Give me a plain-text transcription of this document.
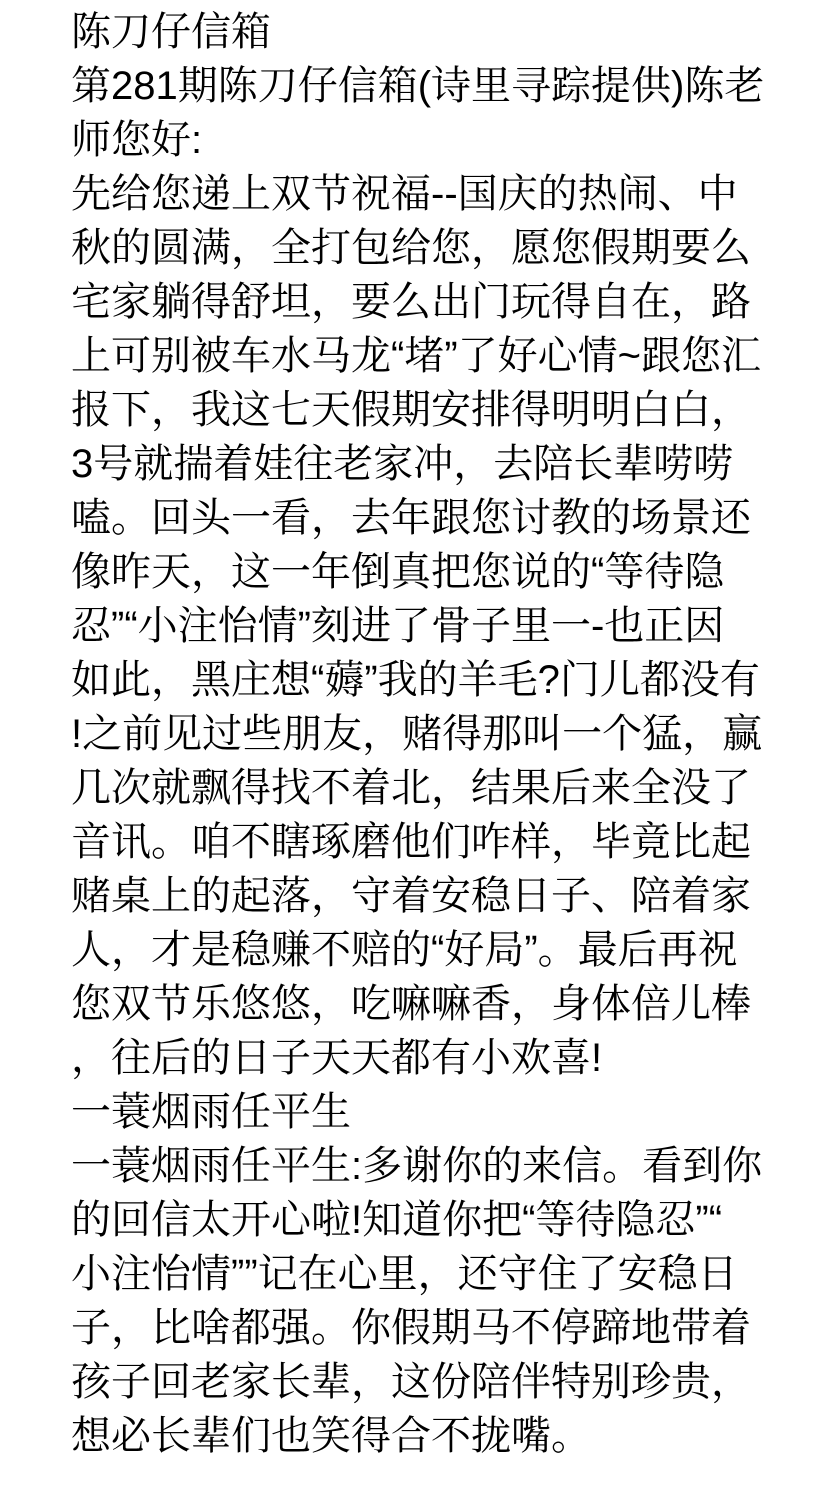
陈刀仔信箱
第281期陈刀仔信箱(诗里寻踪提供)陈老
师您好:
先给您递上双节祝福--国庆的热闹、中
秋的圆满，全打包给您，愿您假期要么
宅家躺得舒坦，要么出门玩得自在，路
上可别被车水马龙“堵”了好心情~跟您汇
报下，我这七天假期安排得明明白白，
3号就揣着娃往老家冲，去陪长辈唠唠
嗑。回头一看，去年跟您讨教的场景还
像昨天，这一年倒真把您说的“等待隐
忍”“小注怡情”刻进了骨子里一-也正因
如此，黑庄想“薅”我的羊毛?门儿都没有
!之前见过些朋友，赌得那叫一个猛，赢
几次就飘得找不着北，结果后来全没了
音讯。咱不瞎琢磨他们咋样，毕竟比起
赌桌上的起落，守着安稳日子、陪着家
人，才是稳赚不赔的“好局”。最后再祝
您双节乐悠悠，吃嘛嘛香，身体倍儿棒
，往后的日子天天都有小欢喜!
一蓑烟雨任平生
一蓑烟雨任平生:多谢你的来信。看到你
的回信太开心啦!知道你把“等待隐忍”“
小注怡情””记在心里，还守住了安稳日
子，比啥都强。你假期马不停蹄地带着
孩子回老家长辈，这份陪伴特别珍贵，
想必长辈们也笑得合不拢嘴。
